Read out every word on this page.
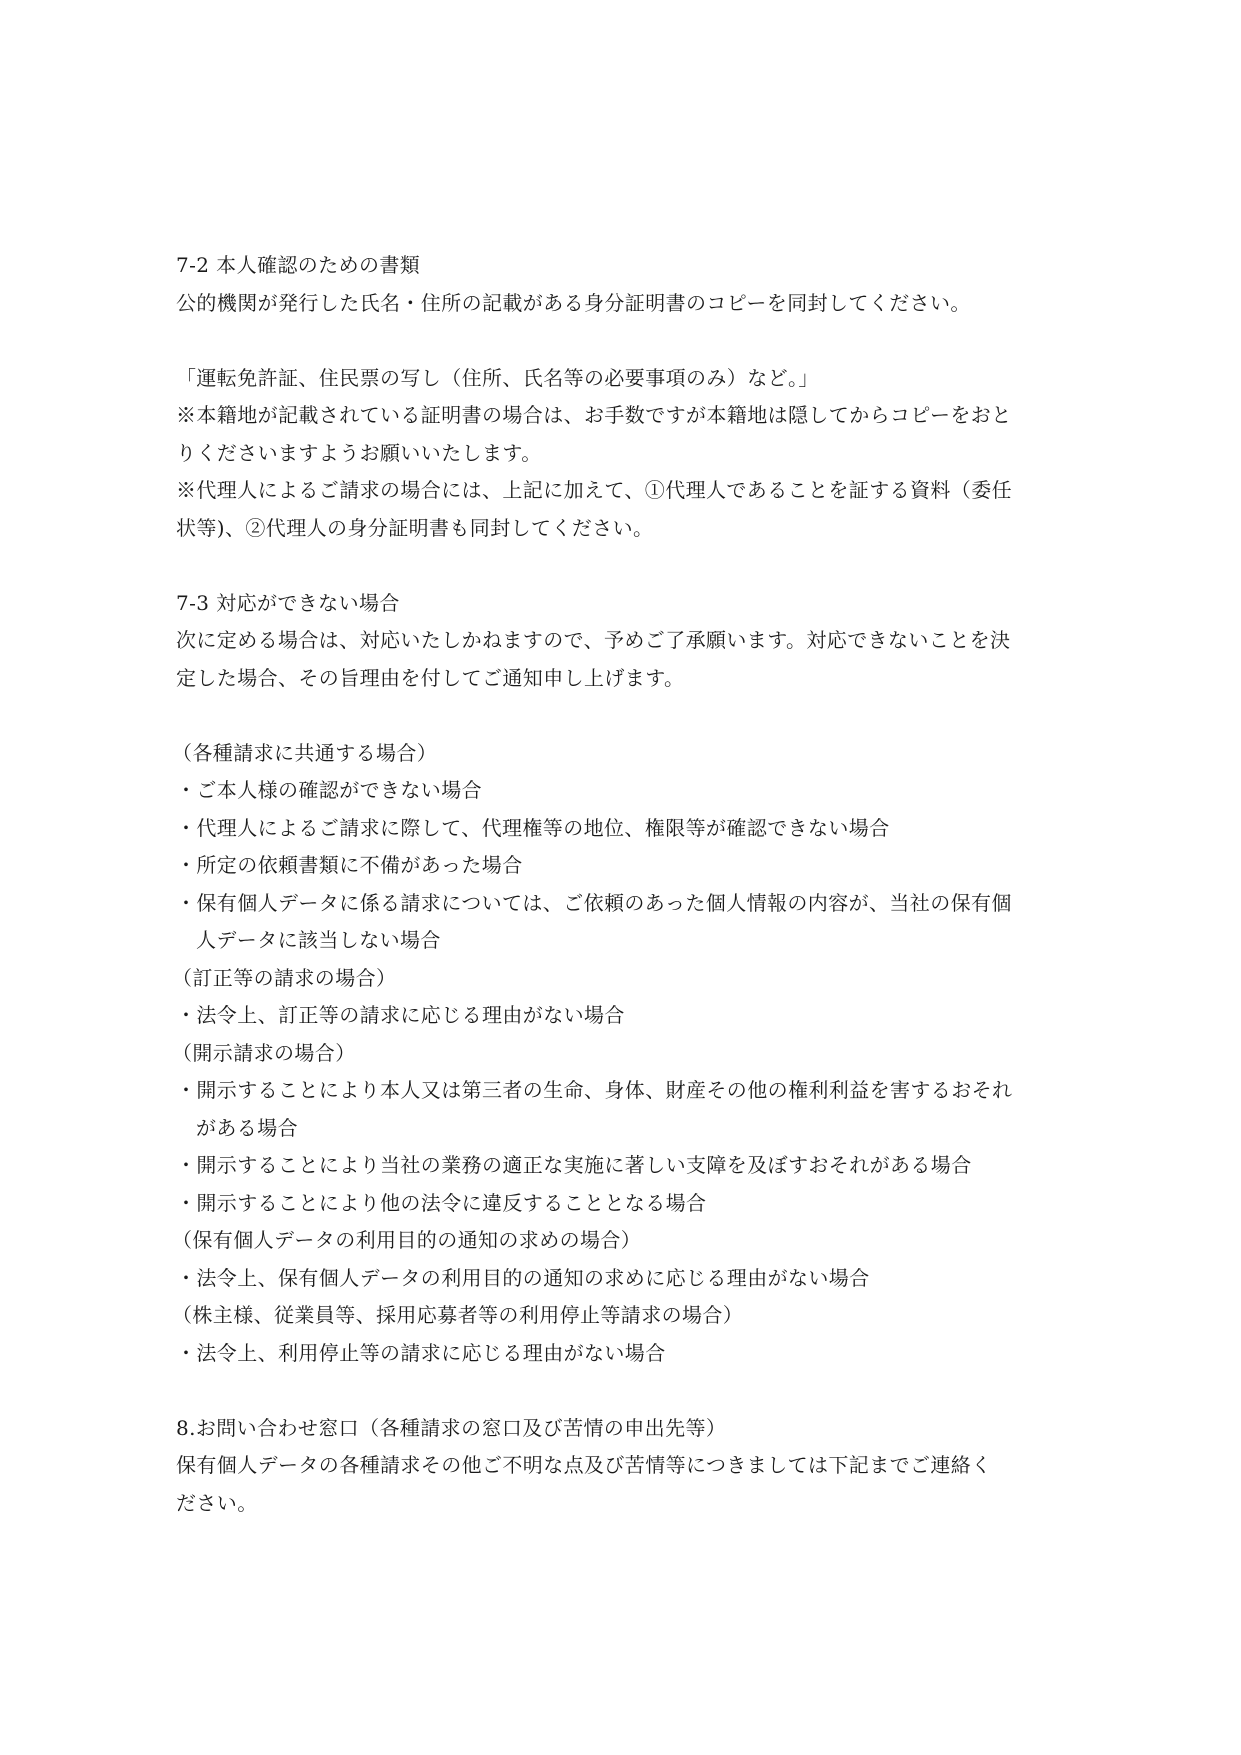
7-2 本人確認のための書類
公的機関が発行した氏名・住所の記載がある身分証明書のコピーを同封してください。
「運転免許証、住民票の写し（住所、氏名等の必要事項のみ）など。」
※本籍地が記載されている証明書の場合は、お手数ですが本籍地は隠してからコピーをおと
りくださいますようお願いいたします。
※代理人によるご請求の場合には、上記に加えて、①代理人であることを証する資料（委任
状等)、②代理人の身分証明書も同封してください。
7-3 対応ができない場合
次に定める場合は、対応いたしかねますので、予めご了承願います。対応できないことを決
定した場合、その旨理由を付してご通知申し上げます。
（各種請求に共通する場合）
・ご本人様の確認ができない場合
・代理人によるご請求に際して、代理権等の地位、権限等が確認できない場合
・所定の依頼書類に不備があった場合
・保有個人データに係る請求については、ご依頼のあった個人情報の内容が、当社の保有個
人データに該当しない場合
（訂正等の請求の場合）
・法令上、訂正等の請求に応じる理由がない場合
（開示請求の場合）
・開示することにより本人又は第三者の生命、身体、財産その他の権利利益を害するおそれ
がある場合
・開示することにより当社の業務の適正な実施に著しい支障を及ぼすおそれがある場合
・開示することにより他の法令に違反することとなる場合
（保有個人データの利用目的の通知の求めの場合）
・法令上、保有個人データの利用目的の通知の求めに応じる理由がない場合
（株主様、従業員等、採用応募者等の利用停止等請求の場合）
・法令上、利用停止等の請求に応じる理由がない場合
8.お問い合わせ窓口（各種請求の窓口及び苦情の申出先等）
保有個人データの各種請求その他ご不明な点及び苦情等につきましては下記までご連絡く
ださい。
